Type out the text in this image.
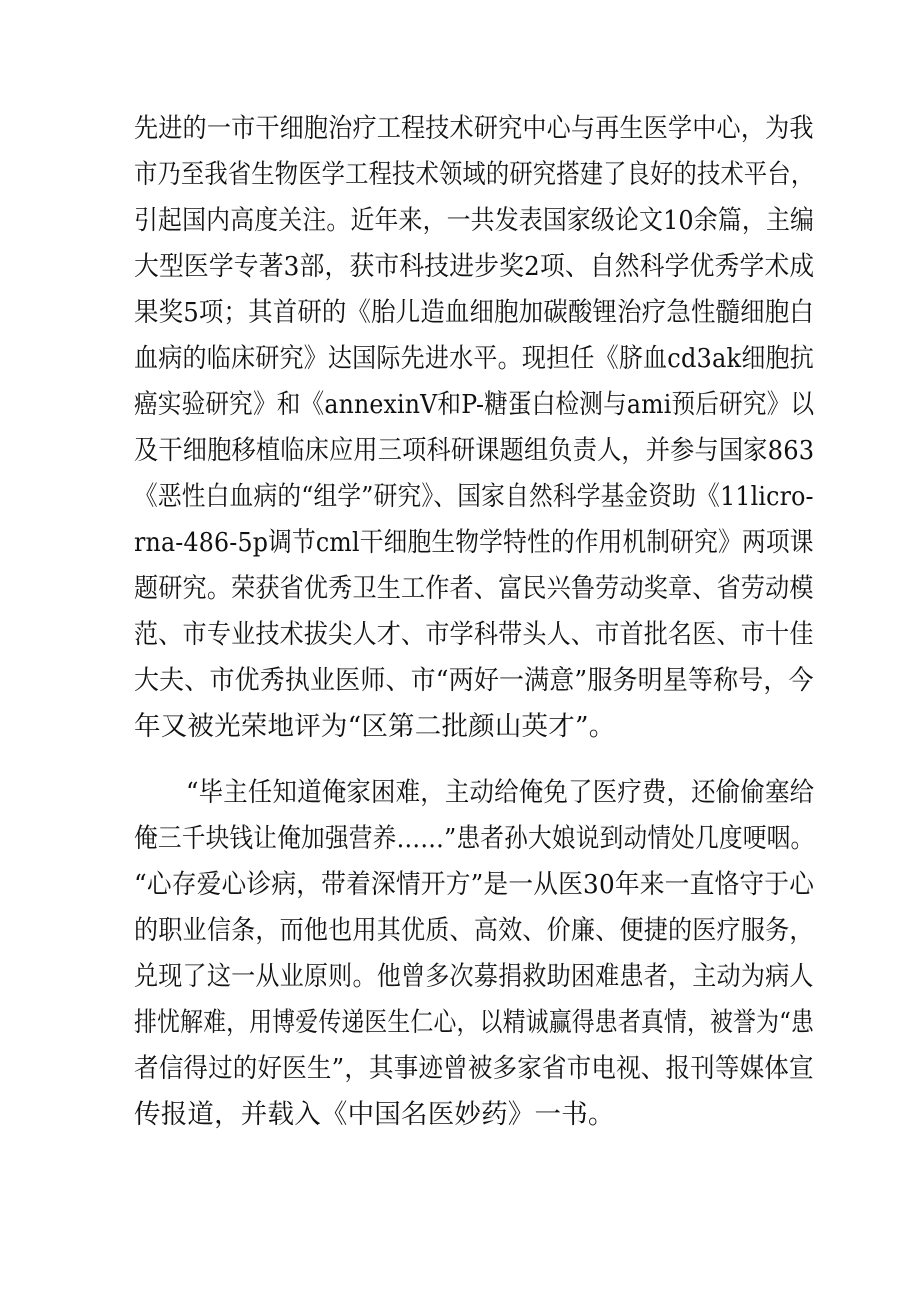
先进的一市干细胞治疗工程技术研究中心与再生医学中心，为我
市乃至我省生物医学工程技术领域的研究搭建了良好的技术平台，
引起国内高度关注。近年来，一共发表国家级论文10余篇，主编
大型医学专著3部，获市科技进步奖2项、自然科学优秀学术成
果奖5项；其首研的《胎儿造血细胞加碳酸锂治疗急性髓细胞白
血病的临床研究》达国际先进水平。现担任《脐血cd3ak细胞抗
癌实验研究》和《annexinV和P-糖蛋白检测与ami预后研究》以
及干细胞移植临床应用三项科研课题组负责人，并参与国家863
《恶性白血病的“组学”研究》、国家自然科学基金资助《11licro-
rna-486-5p调节cml干细胞生物学特性的作用机制研究》两项课
题研究。荣获省优秀卫生工作者、富民兴鲁劳动奖章、省劳动模
范、市专业技术拔尖人才、市学科带头人、市首批名医、市十佳
大夫、市优秀执业医师、市“两好一满意”服务明星等称号，今
年又被光荣地评为“区第二批颜山英才”。
“毕主任知道俺家困难，主动给俺免了医疗费，还偷偷塞给
俺三千块钱让俺加强营养……”患者孙大娘说到动情处几度哽咽。
“心存爱心诊病，带着深情开方”是一从医30年来一直恪守于心
的职业信条，而他也用其优质、高效、价廉、便捷的医疗服务，
兑现了这一从业原则。他曾多次募捐救助困难患者，主动为病人
排忧解难，用博爱传递医生仁心，以精诚赢得患者真情，被誉为“患
者信得过的好医生”，其事迹曾被多家省市电视、报刊等媒体宣
传报道，并载入《中国名医妙药》一书。
